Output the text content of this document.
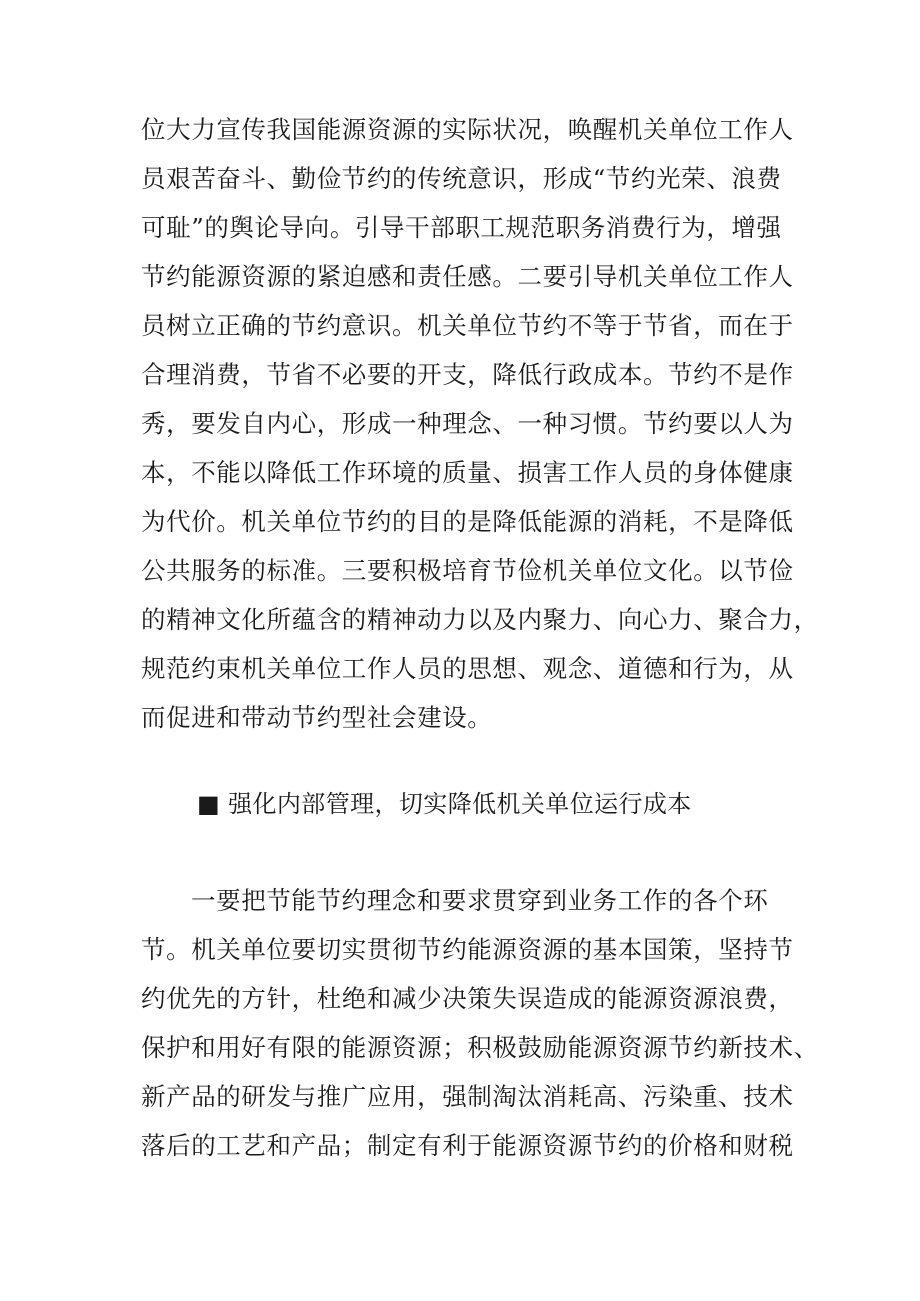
位大力宣传我国能源资源的实际状况，唤醒机关单位工作人

员艰苦奋斗、勤俭节约的传统意识，形成“节约光荣、浪费

可耻”的舆论导向。引导干部职工规范职务消费行为，增强

节约能源资源的紧迫感和责任感。二要引导机关单位工作人

员树立正确的节约意识。机关单位节约不等于节省，而在于

合理消费，节省不必要的开支，降低行政成本。节约不是作

秀，要发自内心，形成一种理念、一种习惯。节约要以人为

本，不能以降低工作环境的质量、损害工作人员的身体健康

为代价。机关单位节约的目的是降低能源的消耗，不是降低

公共服务的标准。三要积极培育节俭机关单位文化。以节俭

的精神文化所蕴含的精神动力以及内聚力、向心力、聚合力，

规范约束机关单位工作人员的思想、观念、道德和行为，从

而促进和带动节约型社会建设。

■ 强化内部管理，切实降低机关单位运行成本

一要把节能节约理念和要求贯穿到业务工作的各个环

节。机关单位要切实贯彻节约能源资源的基本国策，坚持节

约优先的方针，杜绝和减少决策失误造成的能源资源浪费，

保护和用好有限的能源资源；积极鼓励能源资源节约新技术、

新产品的研发与推广应用，强制淘汰消耗高、污染重、技术

落后的工艺和产品；制定有利于能源资源节约的价格和财税
